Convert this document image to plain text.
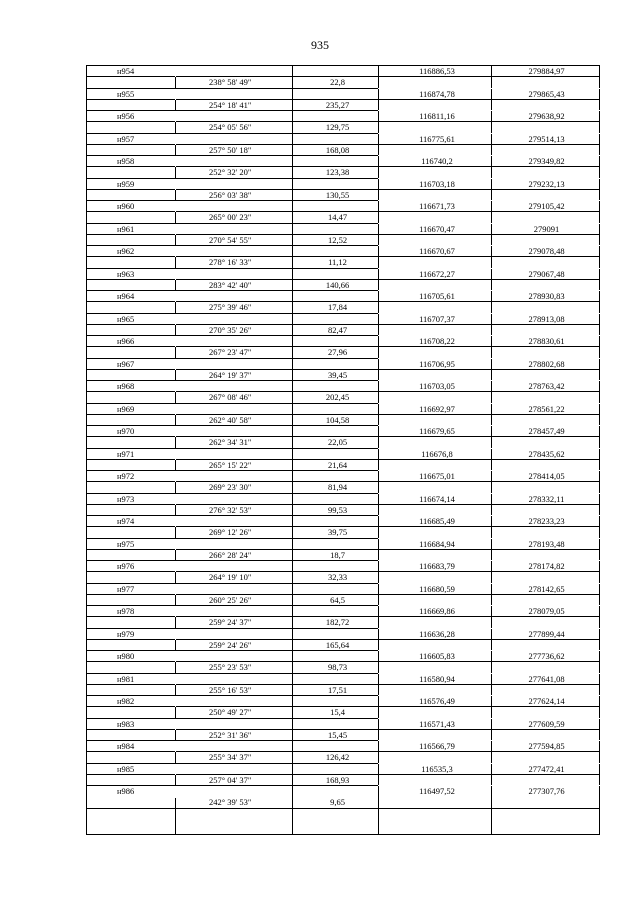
935
н954	116886,53	279884,97
238° 58' 49"	22,8
н955	116874,78	279865,43
254° 18' 41"	235,27
н956	116811,16	279638,92
254° 05' 56"	129,75
н957	116775,61	279514,13
257° 50' 18"	168,08
н958	116740,2	279349,82
252° 32' 20"	123,38
н959	116703,18	279232,13
256° 03' 38"	130,55
н960	116671,73	279105,42
265° 00' 23"	14,47
н961	116670,47	279091
270° 54' 55"	12,52
н962	116670,67	279078,48
278° 16' 33"	11,12
н963	116672,27	279067,48
283° 42' 40"	140,66
н964	116705,61	278930,83
275° 39' 46"	17,84
н965	116707,37	278913,08
270° 35' 26"	82,47
н966	116708,22	278830,61
267° 23' 47"	27,96
н967	116706,95	278802,68
264° 19' 37"	39,45
н968	116703,05	278763,42
267° 08' 46"	202,45
н969	116692,97	278561,22
262° 40' 58"	104,58
н970	116679,65	278457,49
262° 34' 31"	22,05
н971	116676,8	278435,62
265° 15' 22"	21,64
н972	116675,01	278414,05
269° 23' 30"	81,94
н973	116674,14	278332,11
276° 32' 53"	99,53
н974	116685,49	278233,23
269° 12' 26"	39,75
н975	116684,94	278193,48
266° 28' 24"	18,7
н976	116683,79	278174,82
264° 19' 10"	32,33
н977	116680,59	278142,65
260° 25' 26"	64,5
н978	116669,86	278079,05
259° 24' 37"	182,72
н979	116636,28	277899,44
259° 24' 26"	165,64
н980	116605,83	277736,62
255° 23' 53"	98,73
н981	116580,94	277641,08
255° 16' 53"	17,51
н982	116576,49	277624,14
250° 49' 27"	15,4
н983	116571,43	277609,59
252° 31' 36"	15,45
н984	116566,79	277594,85
255° 34' 37"	126,42
н985	116535,3	277472,41
257° 04' 37"	168,93
н986	116497,52	277307,76
242° 39' 53"	9,65
